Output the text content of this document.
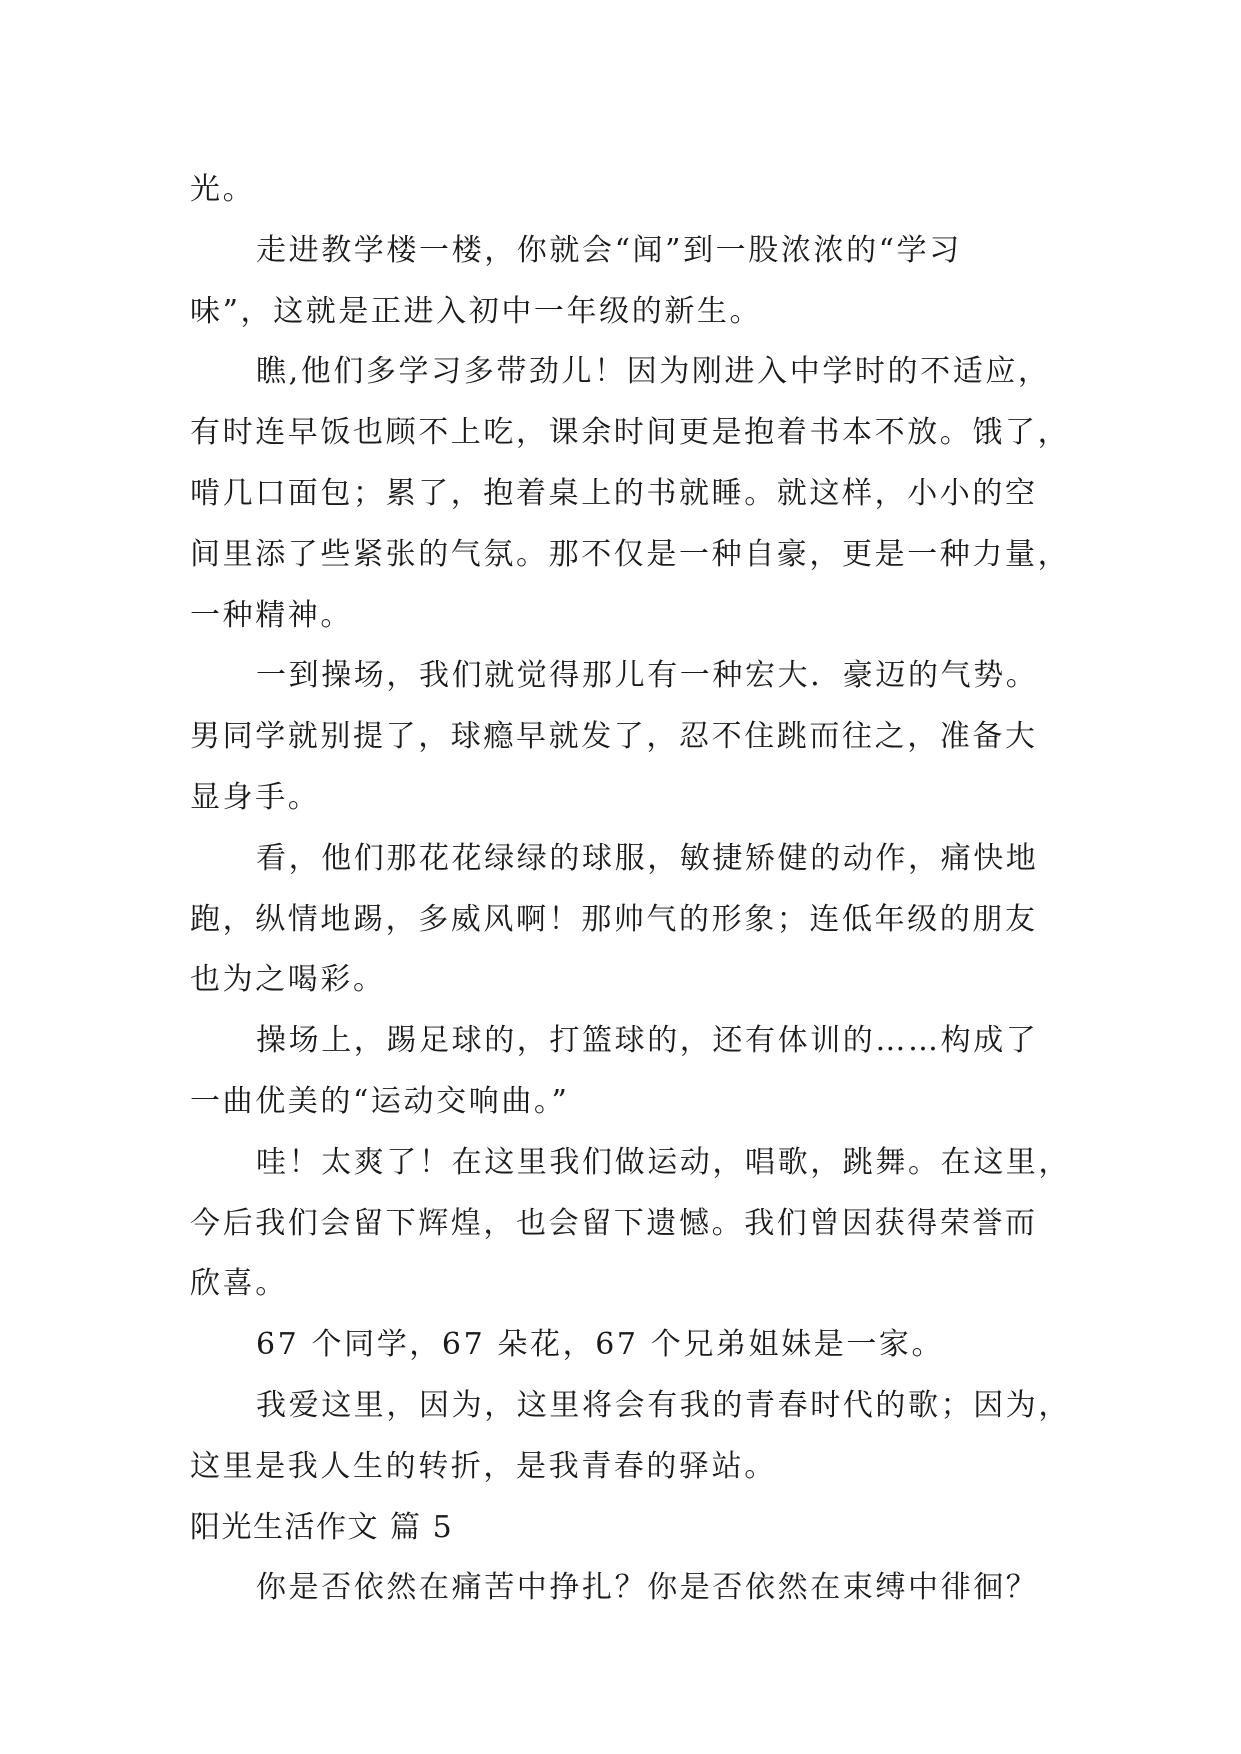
光。
走进教学楼一楼，你就会“闻”到一股浓浓的“学习
味”，这就是正进入初中一年级的新生。
瞧,他们多学习多带劲儿！因为刚进入中学时的不适应，
有时连早饭也顾不上吃，课余时间更是抱着书本不放。饿了，
啃几口面包；累了，抱着桌上的书就睡。就这样，小小的空
间里添了些紧张的气氛。那不仅是一种自豪，更是一种力量，
一种精神。
一到操场，我们就觉得那儿有一种宏大．豪迈的气势。
男同学就别提了，球瘾早就发了，忍不住跳而往之，准备大
显身手。
看，他们那花花绿绿的球服，敏捷矫健的动作，痛快地
跑，纵情地踢，多威风啊！那帅气的形象；连低年级的朋友
也为之喝彩。
操场上，踢足球的，打篮球的，还有体训的……构成了
一曲优美的“运动交响曲。”
哇！太爽了！在这里我们做运动，唱歌，跳舞。在这里，
今后我们会留下辉煌，也会留下遗憾。我们曾因获得荣誉而
欣喜。
67 个同学，67 朵花，67 个兄弟姐妹是一家。
我爱这里，因为，这里将会有我的青春时代的歌；因为，
这里是我人生的转折，是我青春的驿站。
阳光生活作文 篇 5
你是否依然在痛苦中挣扎？你是否依然在束缚中徘徊？
